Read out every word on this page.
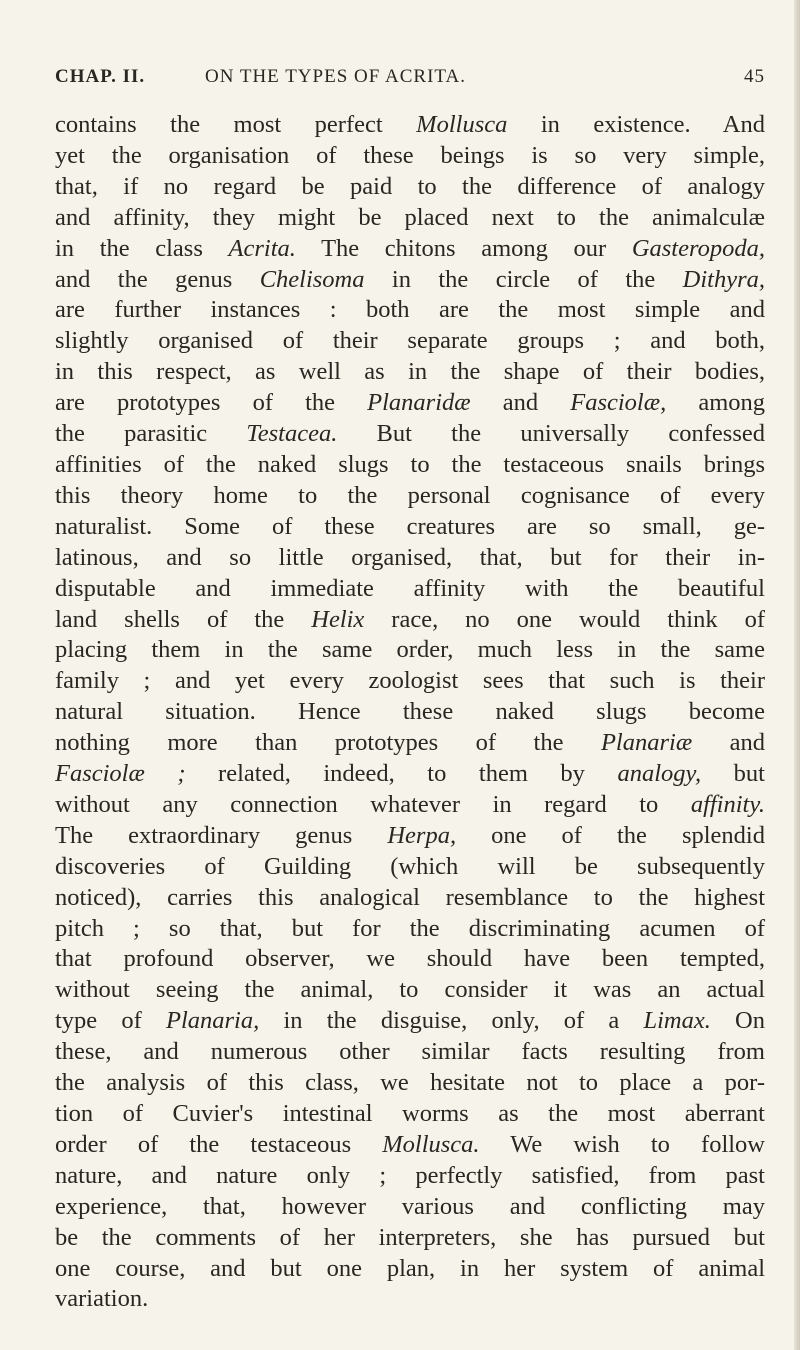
CHAP. II.	ON THE TYPES OF ACRITA.	45
contains the most perfect Mollusca in existence. And
yet the organisation of these beings is so very simple,
that, if no regard be paid to the difference of analogy
and affinity, they might be placed next to the animalculæ
in the class Acrita. The chitons among our Gasteropoda,
and the genus Chelisoma in the circle of the Dithyra,
are further instances : both are the most simple and
slightly organised of their separate groups ; and both,
in this respect, as well as in the shape of their bodies,
are prototypes of the Planaridæ and Fasciolæ, among
the parasitic Testacea. But the universally confessed
affinities of the naked slugs to the testaceous snails brings
this theory home to the personal cognisance of every
naturalist. Some of these creatures are so small, ge-
latinous, and so little organised, that, but for their in-
disputable and immediate affinity with the beautiful
land shells of the Helix race, no one would think of
placing them in the same order, much less in the same
family ; and yet every zoologist sees that such is their
natural situation. Hence these naked slugs become
nothing more than prototypes of the Planariæ and
Fasciolæ ; related, indeed, to them by analogy, but
without any connection whatever in regard to affinity.
The extraordinary genus Herpa, one of the splendid
discoveries of Guilding (which will be subsequently
noticed), carries this analogical resemblance to the highest
pitch ; so that, but for the discriminating acumen of
that profound observer, we should have been tempted,
without seeing the animal, to consider it was an actual
type of Planaria, in the disguise, only, of a Limax. On
these, and numerous other similar facts resulting from
the analysis of this class, we hesitate not to place a por-
tion of Cuvier's intestinal worms as the most aberrant
order of the testaceous Mollusca. We wish to follow
nature, and nature only ; perfectly satisfied, from past
experience, that, however various and conflicting may
be the comments of her interpreters, she has pursued but
one course, and but one plan, in her system of animal
variation.
